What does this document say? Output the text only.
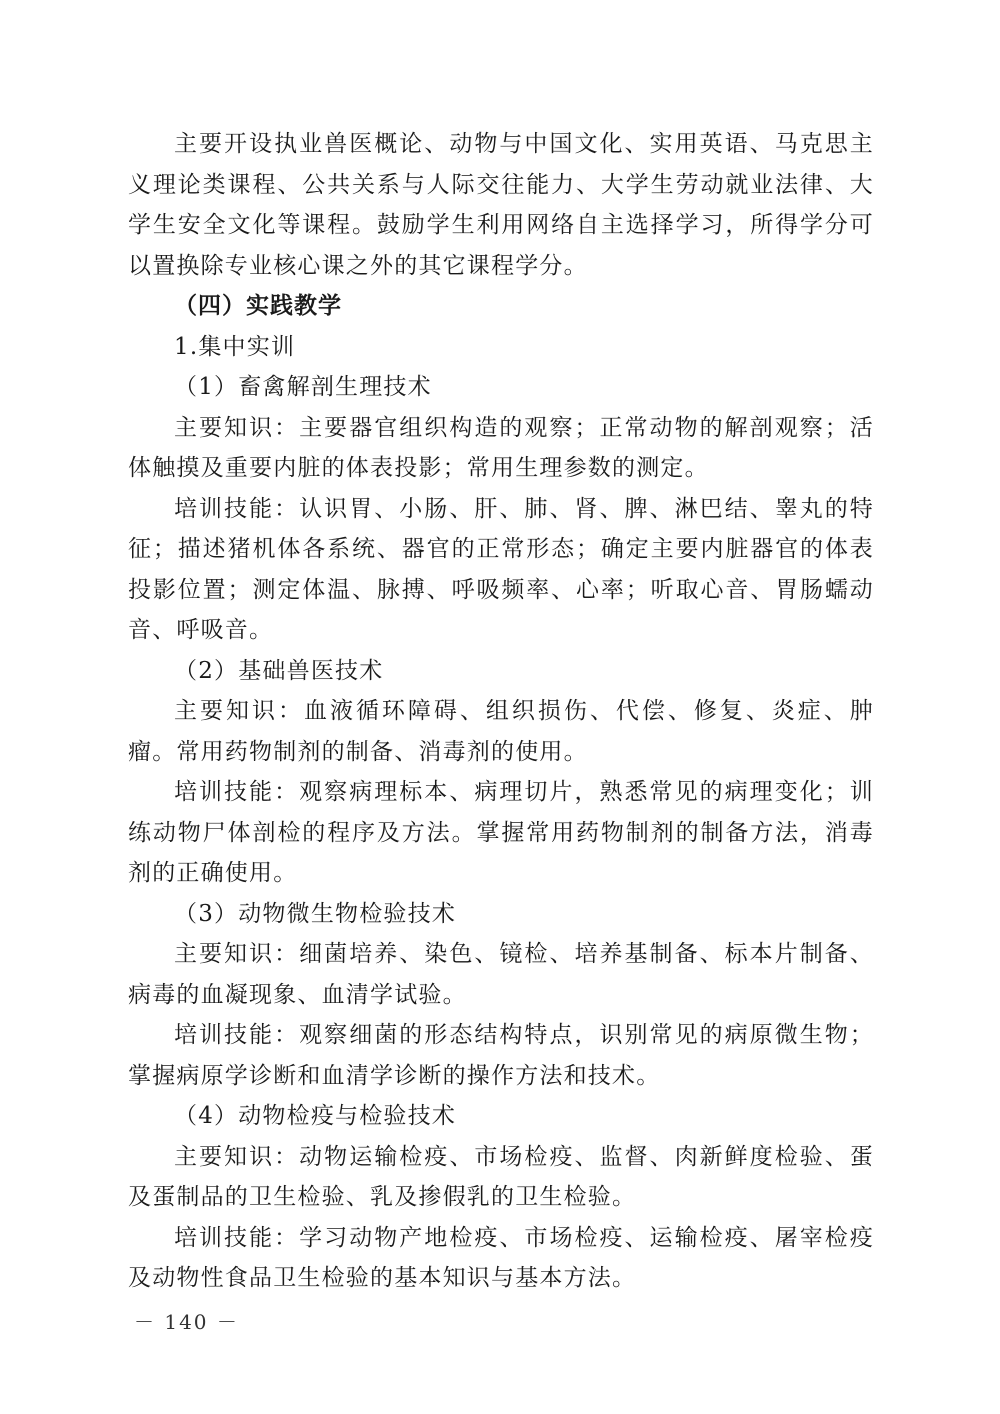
主要开设执业兽医概论、动物与中国文化、实用英语、马克思主义理论类课程、公共关系与人际交往能力、大学生劳动就业法律、大学生安全文化等课程。鼓励学生利用网络自主选择学习，所得学分可以置换除专业核心课之外的其它课程学分。

（四）实践教学

1.集中实训

（1）畜禽解剖生理技术

主要知识：主要器官组织构造的观察；正常动物的解剖观察；活体触摸及重要内脏的体表投影；常用生理参数的测定。

培训技能：认识胃、小肠、肝、肺、肾、脾、淋巴结、睾丸的特征；描述猪机体各系统、器官的正常形态；确定主要内脏器官的体表投影位置；测定体温、脉搏、呼吸频率、心率；听取心音、胃肠蠕动音、呼吸音。

（2）基础兽医技术

主要知识：血液循环障碍、组织损伤、代偿、修复、炎症、肿瘤。常用药物制剂的制备、消毒剂的使用。

培训技能：观察病理标本、病理切片，熟悉常见的病理变化；训练动物尸体剖检的程序及方法。掌握常用药物制剂的制备方法，消毒剂的正确使用。

（3）动物微生物检验技术

主要知识：细菌培养、染色、镜检、培养基制备、标本片制备、病毒的血凝现象、血清学试验。

培训技能：观察细菌的形态结构特点，识别常见的病原微生物；掌握病原学诊断和血清学诊断的操作方法和技术。

（4）动物检疫与检验技术

主要知识：动物运输检疫、市场检疫、监督、肉新鲜度检验、蛋及蛋制品的卫生检验、乳及掺假乳的卫生检验。

培训技能：学习动物产地检疫、市场检疫、运输检疫、屠宰检疫及动物性食品卫生检验的基本知识与基本方法。

－ 140 －
